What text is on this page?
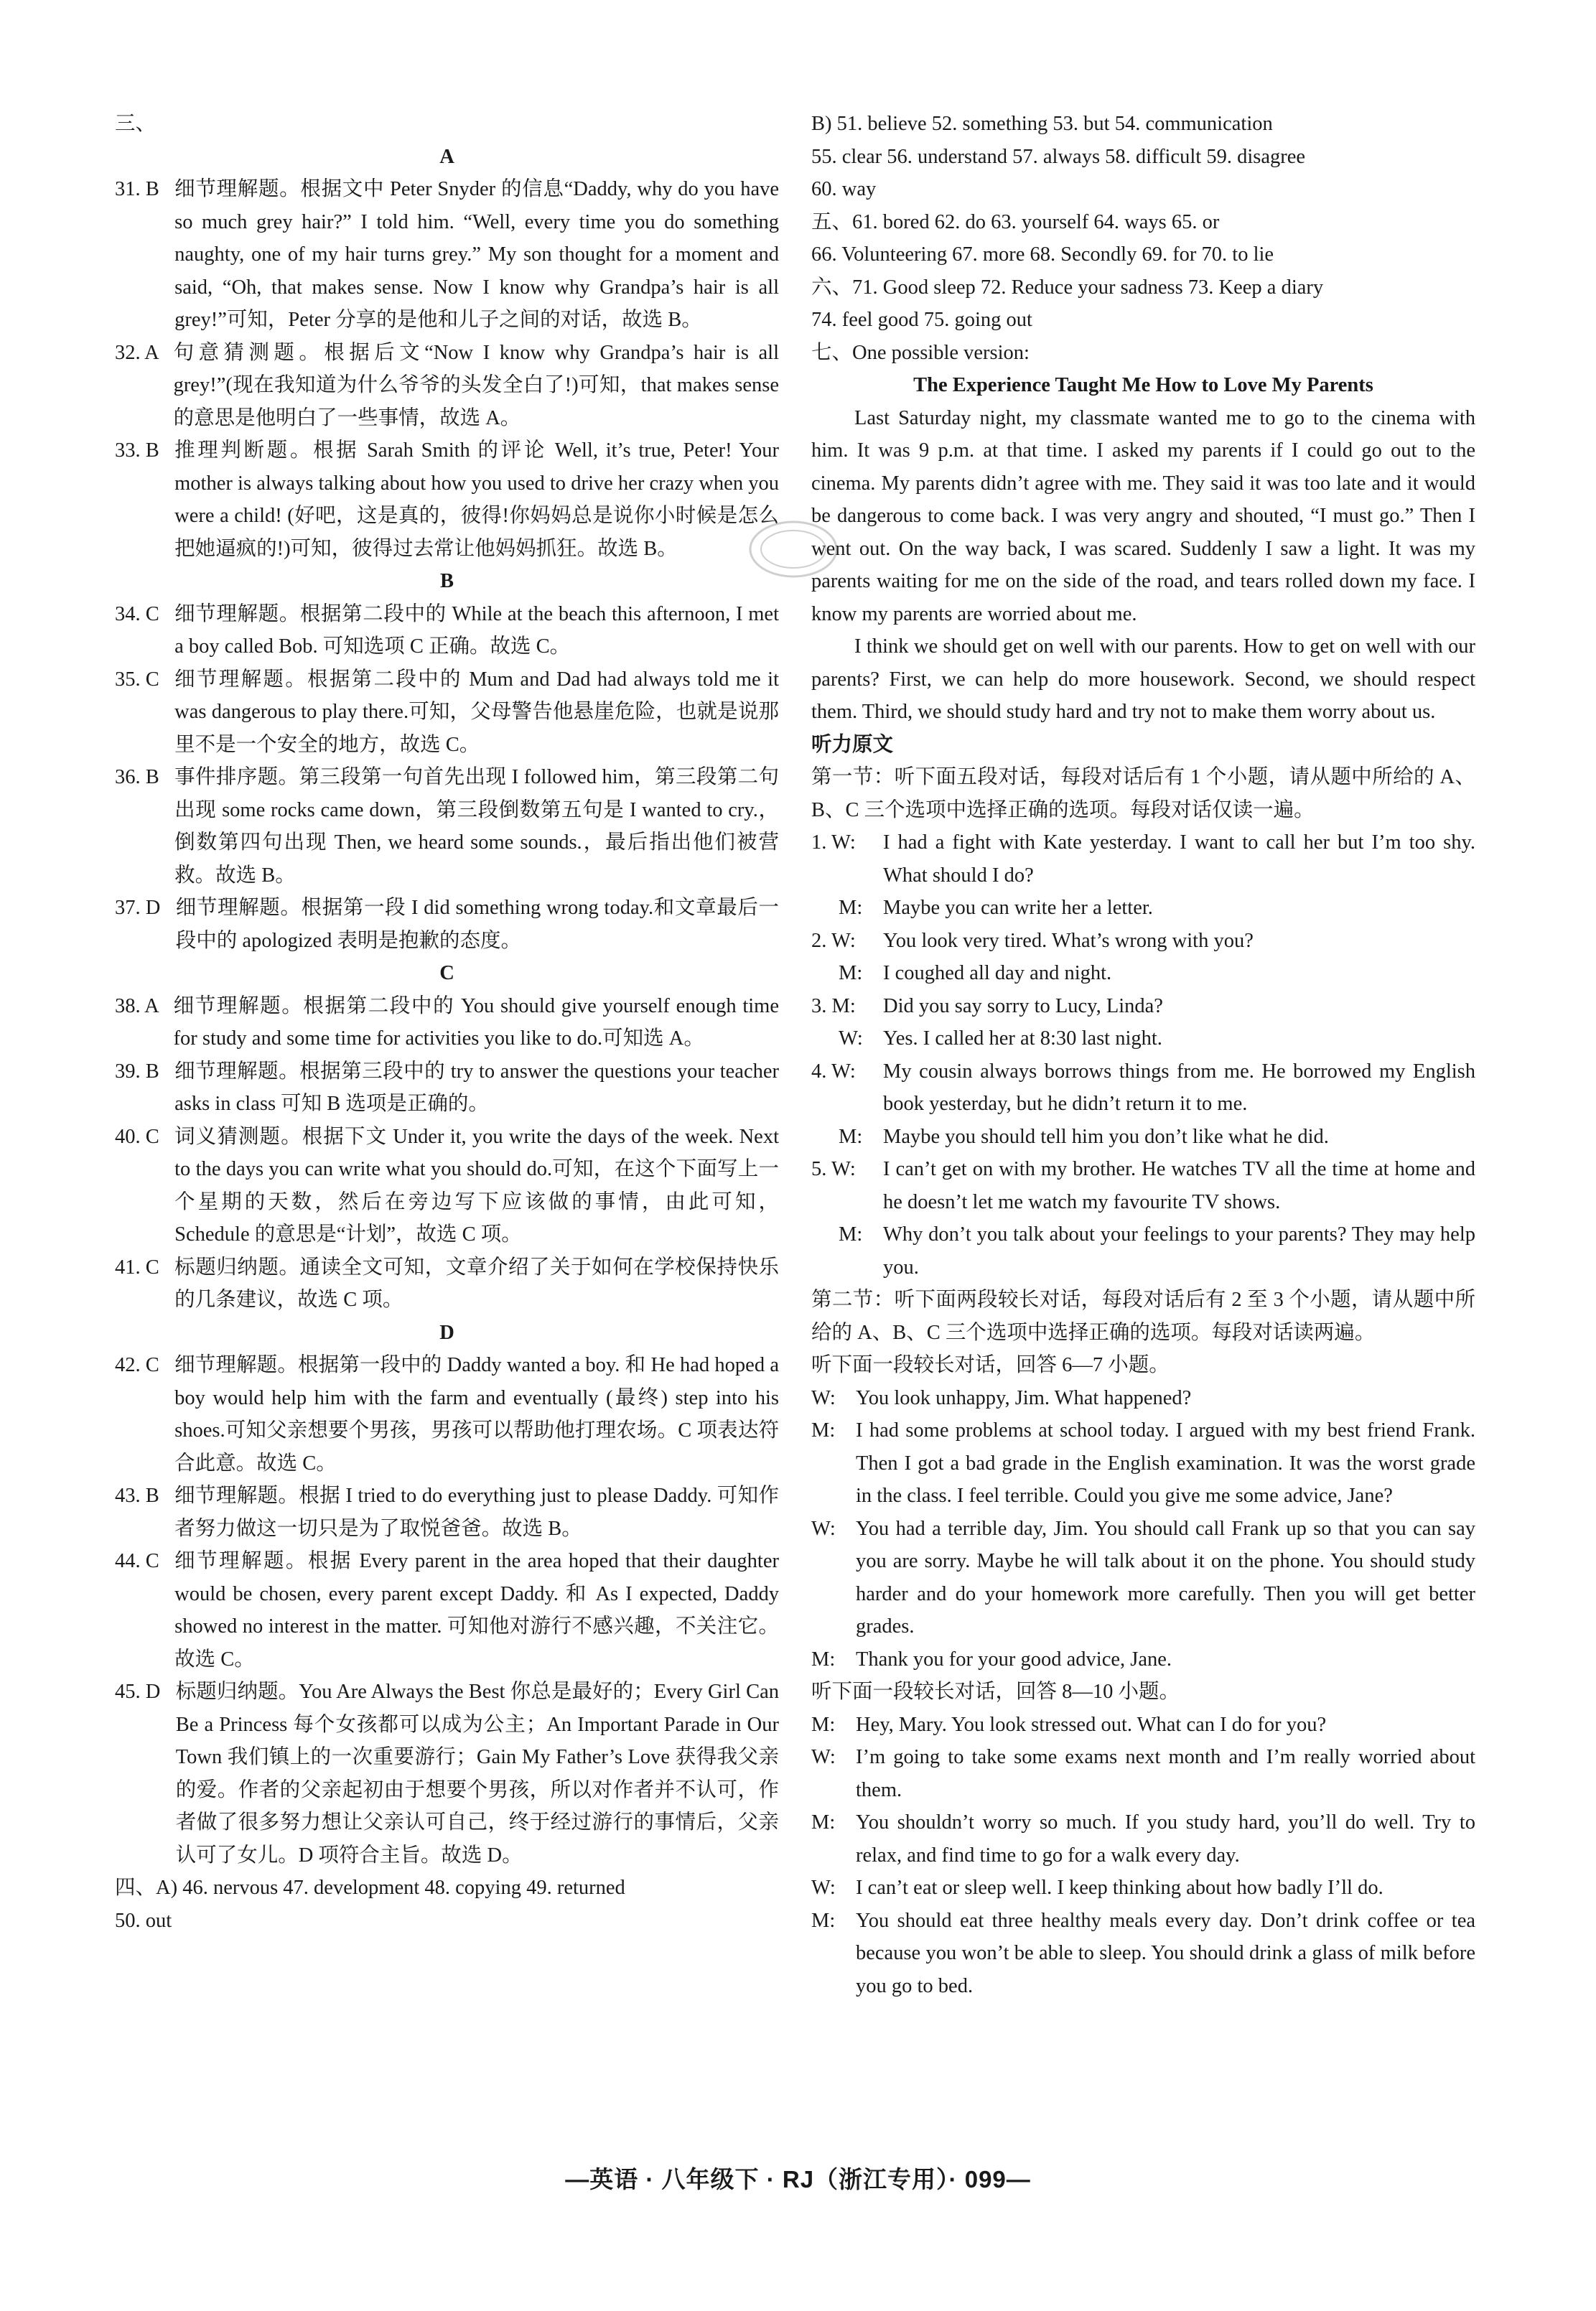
三、

A

31. B 细节理解题。根据文中 Peter Snyder 的信息“Daddy, why do you have so much grey hair?” I told him. “Well, every time you do something naughty, one of my hair turns grey.” My son thought for a moment and said, “Oh, that makes sense. Now I know why Grandpa’s hair is all grey!”可知，Peter 分享的是他和儿子之间的对话，故选 B。
32. A 句意猜测题。根据后文“Now I know why Grandpa’s hair is all grey!”(现在我知道为什么爷爷的头发全白了!)可知，that makes sense 的意思是他明白了一些事情，故选 A。
33. B 推理判断题。根据 Sarah Smith 的评论 Well, it’s true, Peter! Your mother is always talking about how you used to drive her crazy when you were a child! (好吧，这是真的，彼得!你妈妈总是说你小时候是怎么把她逼疯的!)可知，彼得过去常让他妈妈抓狂。故选 B。

B

34. C 细节理解题。根据第二段中的 While at the beach this afternoon, I met a boy called Bob. 可知选项 C 正确。故选 C。
35. C 细节理解题。根据第二段中的 Mum and Dad had always told me it was dangerous to play there.可知，父母警告他悬崖危险，也就是说那里不是一个安全的地方，故选 C。
36. B 事件排序题。第三段第一句首先出现 I followed him，第三段第二句出现 some rocks came down，第三段倒数第五句是 I wanted to cry.，倒数第四句出现 Then, we heard some sounds.，最后指出他们被营救。故选 B。
37. D 细节理解题。根据第一段 I did something wrong today.和文章最后一段中的 apologized 表明是抱歉的态度。

C

38. A 细节理解题。根据第二段中的 You should give yourself enough time for study and some time for activities you like to do.可知选 A。
39. B 细节理解题。根据第三段中的 try to answer the questions your teacher asks in class 可知 B 选项是正确的。
40. C 词义猜测题。根据下文 Under it, you write the days of the week. Next to the days you can write what you should do.可知，在这个下面写上一个星期的天数，然后在旁边写下应该做的事情，由此可知，Schedule 的意思是“计划”，故选 C 项。
41. C 标题归纳题。通读全文可知，文章介绍了关于如何在学校保持快乐的几条建议，故选 C 项。

D

42. C 细节理解题。根据第一段中的 Daddy wanted a boy. 和 He had hoped a boy would help him with the farm and eventually (最终) step into his shoes.可知父亲想要个男孩，男孩可以帮助他打理农场。C 项表达符合此意。故选 C。
43. B 细节理解题。根据 I tried to do everything just to please Daddy. 可知作者努力做这一切只是为了取悦爸爸。故选 B。
44. C 细节理解题。根据 Every parent in the area hoped that their daughter would be chosen, every parent except Daddy. 和 As I expected, Daddy showed no interest in the matter. 可知他对游行不感兴趣，不关注它。故选 C。
45. D 标题归纳题。You Are Always the Best 你总是最好的；Every Girl Can Be a Princess 每个女孩都可以成为公主；An Important Parade in Our Town 我们镇上的一次重要游行；Gain My Father’s Love 获得我父亲的爱。作者的父亲起初由于想要个男孩，所以对作者并不认可，作者做了很多努力想让父亲认可自己，终于经过游行的事情后，父亲认可了女儿。D 项符合主旨。故选 D。

四、A) 46. nervous 47. development 48. copying 49. returned

50. out

B) 51. believe 52. something 53. but 54. communication

55. clear 56. understand 57. always 58. difficult 59. disagree

60. way

五、61. bored 62. do 63. yourself 64. ways 65. or

66. Volunteering 67. more 68. Secondly 69. for 70. to lie

六、71. Good sleep 72. Reduce your sadness 73. Keep a diary

74. feel good 75. going out

七、One possible version:

The Experience Taught Me How to Love My Parents

Last Saturday night, my classmate wanted me to go to the cinema with him. It was 9 p.m. at that time. I asked my parents if I could go out to the cinema. My parents didn’t agree with me. They said it was too late and it would be dangerous to come back. I was very angry and shouted, “I must go.” Then I went out. On the way back, I was scared. Suddenly I saw a light. It was my parents waiting for me on the side of the road, and tears rolled down my face. I know my parents are worried about me.

I think we should get on well with our parents. How to get on well with our parents? First, we can help do more housework. Second, we should respect them. Third, we should study hard and try not to make them worry about us.

听力原文

第一节：听下面五段对话，每段对话后有 1 个小题，请从题中所给的 A、B、C 三个选项中选择正确的选项。每段对话仅读一遍。

1. W:	I had a fight with Kate yesterday. I want to call her but I’m too shy. What should I do?
M:	Maybe you can write her a letter.
2. W:	You look very tired. What’s wrong with you?
M:	I coughed all day and night.
3. M:	Did you say sorry to Lucy, Linda?
W: Yes. I called her at 8:30 last night.
4. W:	My cousin always borrows things from me. He borrowed my English book yesterday, but he didn’t return it to me.
M:	Maybe you should tell him you don’t like what he did.
5. W:	I can’t get on with my brother. He watches TV all the time at home and he doesn’t let me watch my favourite TV shows.
M:	Why don’t you talk about your feelings to your parents? They may help you.

第二节：听下面两段较长对话，每段对话后有 2 至 3 个小题，请从题中所给的 A、B、C 三个选项中选择正确的选项。每段对话读两遍。

听下面一段较长对话，回答 6—7 小题。

W: You look unhappy, Jim. What happened?
M:	I had some problems at school today. I argued with my best friend Frank. Then I got a bad grade in the English examination. It was the worst grade in the class. I feel terrible. Could you give me some advice, Jane?
W: You had a terrible day, Jim. You should call Frank up so that you can say you are sorry. Maybe he will talk about it on the phone. You should study harder and do your homework more carefully. Then you will get better grades.
M:	Thank you for your good advice, Jane.

听下面一段较长对话，回答 8—10 小题。

M:	Hey, Mary. You look stressed out. What can I do for you?
W: I’m going to take some exams next month and I’m really worried about them.
M:	You shouldn’t worry so much. If you study hard, you’ll do well. Try to relax, and find time to go for a walk every day.
W: I can’t eat or sleep well. I keep thinking about how badly I’ll do.
M:	You should eat three healthy meals every day. Don’t drink coffee or tea because you won’t be able to sleep. You should drink a glass of milk before you go to bed.
—英语 · 八年级下 · RJ（浙江专用）· 099—
